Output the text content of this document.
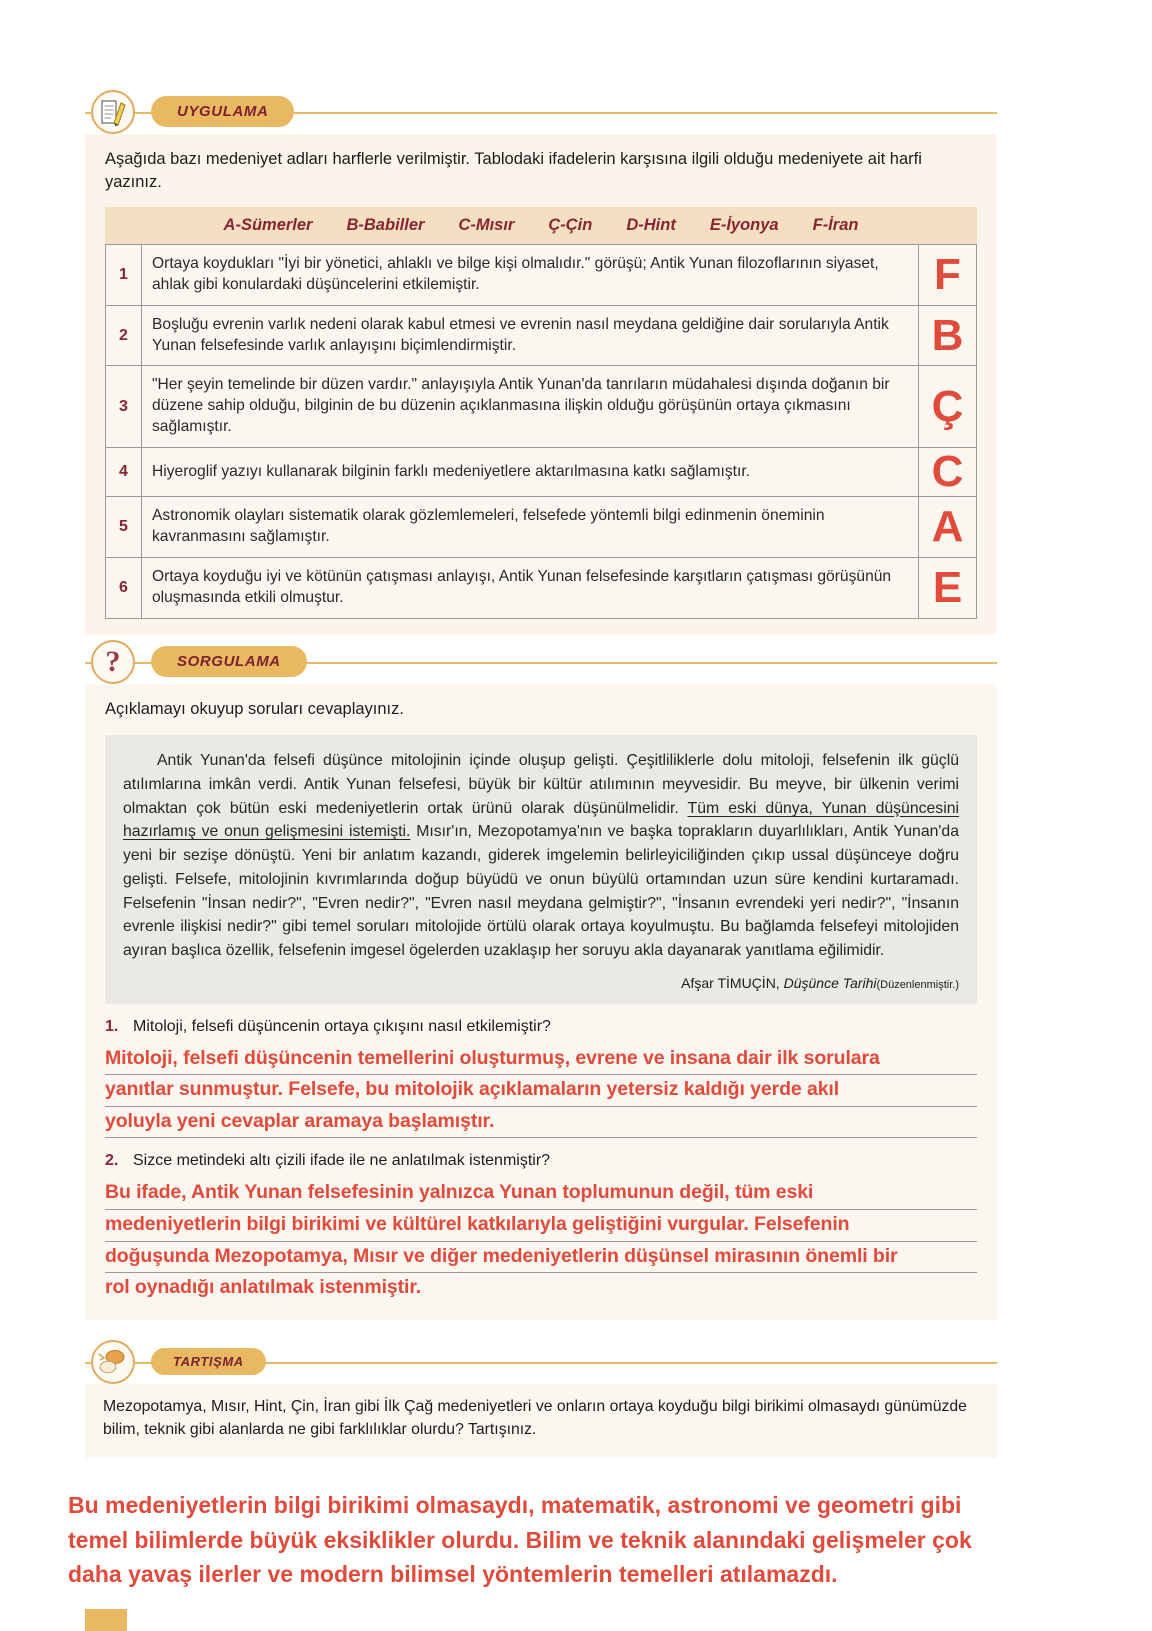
UYGULAMA

Aşağıda bazı medeniyet adları harflerle verilmiştir. Tablodaki ifadelerin karşısına ilgili olduğu medeniyete ait harfi yazınız.

A-Sümerler B-Babiller C-Mısır Ç-Çin D-Hint E-İyonya F-İran
1	Ortaya koydukları "İyi bir yönetici, ahlaklı ve bilge kişi olmalıdır." görüşü; Antik Yunan filozoflarının siyaset, ahlak gibi konulardaki düşüncelerini etkilemiştir.	F
2	Boşluğu evrenin varlık nedeni olarak kabul etmesi ve evrenin nasıl meydana geldiğine dair sorularıyla Antik Yunan felsefesinde varlık anlayışını biçimlendirmiştir.	B
3	"Her şeyin temelinde bir düzen vardır." anlayışıyla Antik Yunan'da tanrıların müdahalesi dışında doğanın bir düzene sahip olduğu, bilginin de bu düzenin açıklanmasına ilişkin olduğu görüşünün ortaya çıkmasını sağlamıştır.	Ç
4	Hiyeroglif yazıyı kullanarak bilginin farklı medeniyetlere aktarılmasına katkı sağlamıştır.	C
5	Astronomik olayları sistematik olarak gözlemlemeleri, felsefede yöntemli bilgi edinmenin öneminin kavranmasını sağlamıştır.	A
6	Ortaya koyduğu iyi ve kötünün çatışması anlayışı, Antik Yunan felsefesinde karşıtların çatışması görüşünün oluşmasında etkili olmuştur.	E
?	SORGULAMA

Açıklamayı okuyup soruları cevaplayınız.

Antik Yunan'da felsefi düşünce mitolojinin içinde oluşup gelişti. Çeşitliliklerle dolu mitoloji, felsefenin ilk güçlü atılımlarına imkân verdi. Antik Yunan felsefesi, büyük bir kültür atılımının meyvesidir. Bu meyve, bir ülkenin verimi olmaktan çok bütün eski medeniyetlerin ortak ürünü olarak düşünülmelidir. Tüm eski dünya, Yunan düşüncesini hazırlamış ve onun gelişmesini istemişti. Mısır'ın, Mezopotamya'nın ve başka toprakların duyarlılıkları, Antik Yunan'da yeni bir sezişe dönüştü. Yeni bir anlatım kazandı, giderek imgelemin belirleyiciliğinden çıkıp ussal düşünceye doğru gelişti. Felsefe, mitolojinin kıvrımlarında doğup büyüdü ve onun büyülü ortamından uzun süre kendini kurtaramadı. Felsefenin "İnsan nedir?", "Evren nedir?", "Evren nasıl meydana gelmiştir?", "İnsanın evrendeki yeri nedir?", "İnsanın evrenle ilişkisi nedir?" gibi temel soruları mitolojide örtülü olarak ortaya koyulmuştu. Bu bağlamda felsefeyi mitolojiden ayıran başlıca özellik, felsefenin imgesel ögelerden uzaklaşıp her soruyu akla dayanarak yanıtlama eğilimidir.

Afşar TİMUÇİN, Düşünce Tarihi(Düzenlenmiştir.)
1. Mitoloji, felsefi düşüncenin ortaya çıkışını nasıl etkilemiştir?
Mitoloji, felsefi düşüncenin temellerini oluşturmuş, evrene ve insana dair ilk sorulara
yanıtlar sunmuştur. Felsefe, bu mitolojik açıklamaların yetersiz kaldığı yerde akıl
yoluyla yeni cevaplar aramaya başlamıştır.
2. Sizce metindeki altı çizili ifade ile ne anlatılmak istenmiştir?
Bu ifade, Antik Yunan felsefesinin yalnızca Yunan toplumunun değil, tüm eski
medeniyetlerin bilgi birikimi ve kültürel katkılarıyla geliştiğini vurgular. Felsefenin
doğuşunda Mezopotamya, Mısır ve diğer medeniyetlerin düşünsel mirasının önemli bir
rol oynadığı anlatılmak istenmiştir.
TARTIŞMA
Mezopotamya, Mısır, Hint, Çin, İran gibi İlk Çağ medeniyetleri ve onların ortaya koyduğu bilgi birikimi olmasaydı günümüzde bilim, teknik gibi alanlarda ne gibi farklılıklar olurdu? Tartışınız.
Bu medeniyetlerin bilgi birikimi olmasaydı, matematik, astronomi ve geometri gibi
temel bilimlerde büyük eksiklikler olurdu. Bilim ve teknik alanındaki gelişmeler çok
daha yavaş ilerler ve modern bilimsel yöntemlerin temelleri atılamazdı.
